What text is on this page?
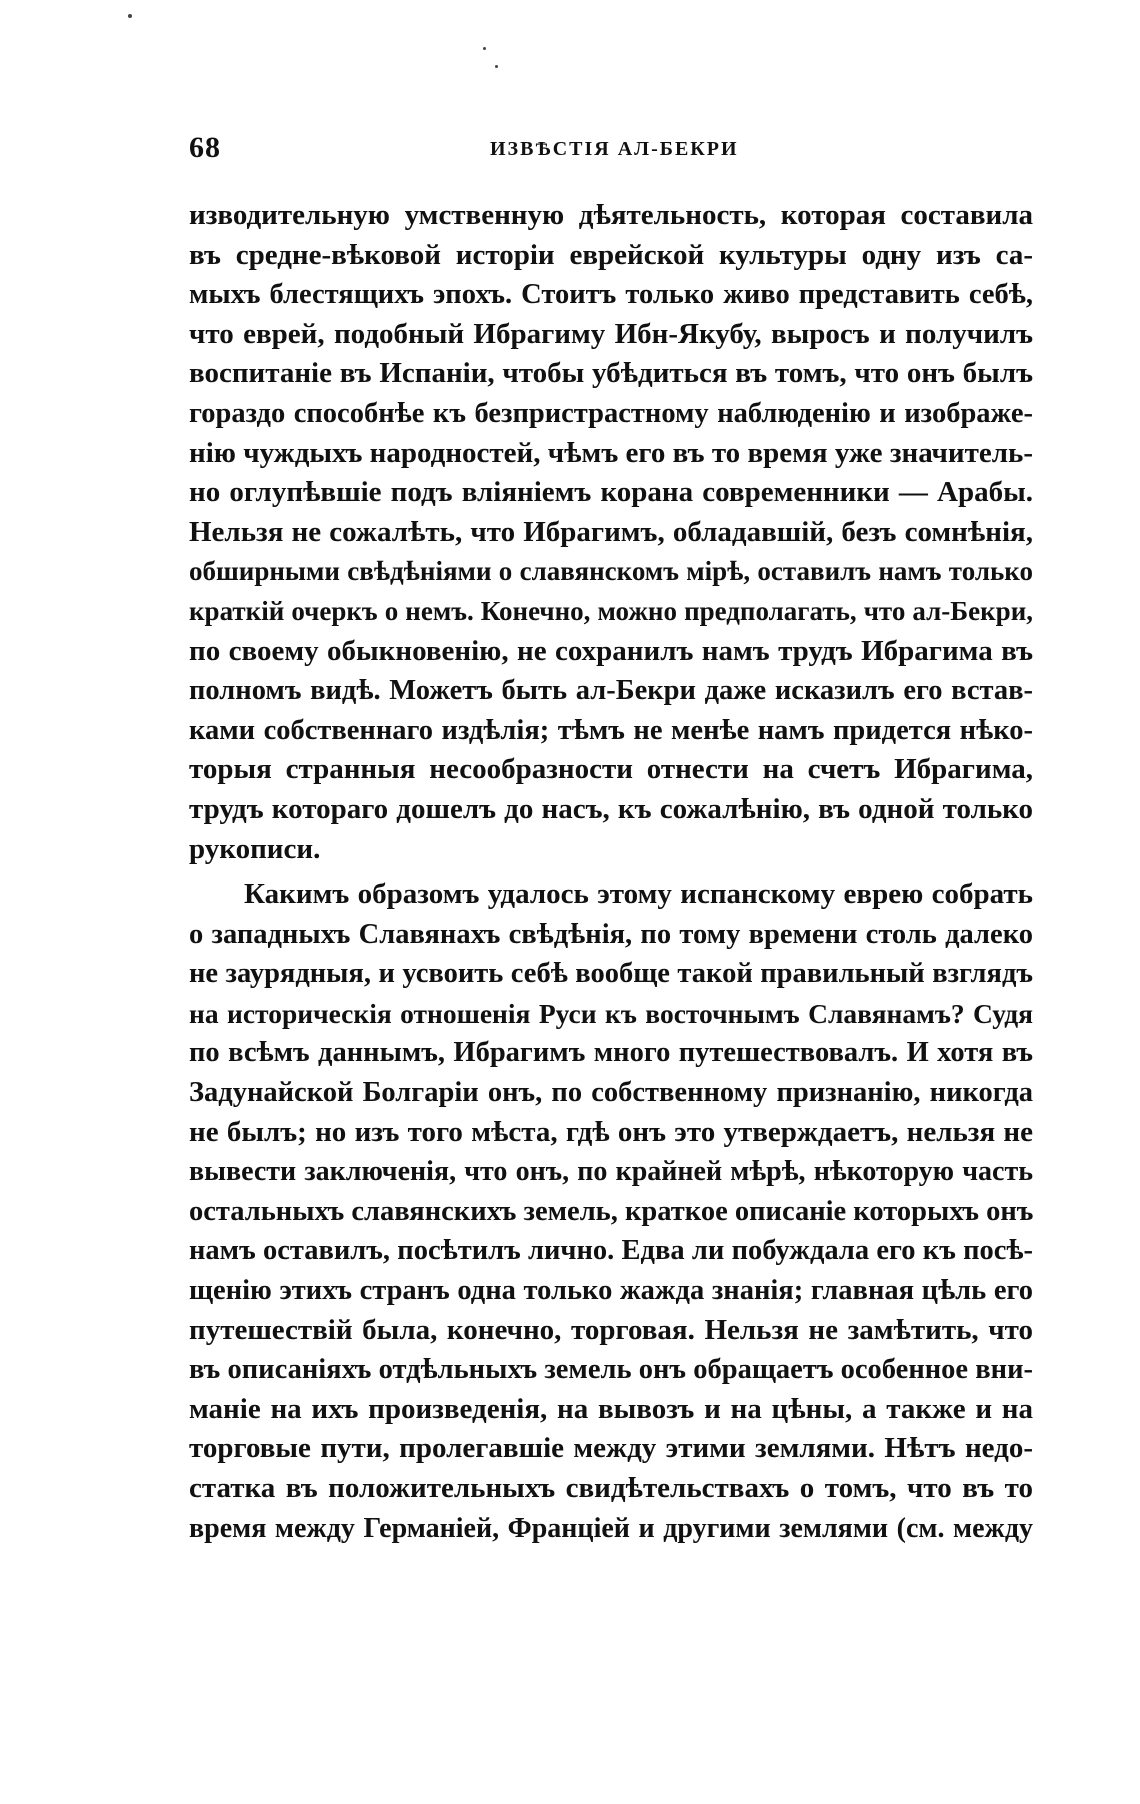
68	ИЗВѢСТІЯ АЛ-БЕКРИ
изводительную умственную дѣятельность, которая составила
въ средне-вѣковой исторіи еврейской культуры одну изъ са-
мыхъ блестящихъ эпохъ. Стоитъ только живо представить себѣ,
что еврей, подобный Ибрагиму Ибн-Якубу, выросъ и получилъ
воспитаніе въ Испаніи, чтобы убѣдиться въ томъ, что онъ былъ
гораздо способнѣе къ безпристрастному наблюденію и изображе-
нію чуждыхъ народностей, чѣмъ его въ то время уже значитель-
но оглупѣвшіе подъ вліяніемъ корана современники — Арабы.
Нельзя не сожалѣть, что Ибрагимъ, обладавшій, безъ сомнѣнія,
обширными свѣдѣніями о славянскомъ мірѣ, оставилъ намъ только
краткій очеркъ о немъ. Конечно, можно предполагать, что ал-Бекри,
по своему обыкновенію, не сохранилъ намъ трудъ Ибрагима въ
полномъ видѣ. Можетъ быть ал-Бекри даже исказилъ его встав-
ками собственнаго издѣлія; тѣмъ не менѣе намъ придется нѣко-
торыя странныя несообразности отнести на счетъ Ибрагима,
трудъ котораго дошелъ до насъ, къ сожалѣнію, въ одной только
рукописи.
Какимъ образомъ удалось этому испанскому еврею собрать
о западныхъ Славянахъ свѣдѣнія, по тому времени столь далеко
не заурядныя, и усвоить себѣ вообще такой правильный взглядъ
на историческія отношенія Руси къ восточнымъ Славянамъ? Судя
по всѣмъ даннымъ, Ибрагимъ много путешествовалъ. И хотя въ
Задунайской Болгаріи онъ, по собственному признанію, никогда
не былъ; но изъ того мѣста, гдѣ онъ это утверждаетъ, нельзя не
вывести заключенія, что онъ, по крайней мѣрѣ, нѣкоторую часть
остальныхъ славянскихъ земель, краткое описаніе которыхъ онъ
намъ оставилъ, посѣтилъ лично. Едва ли побуждала его къ посѣ-
щенію этихъ странъ одна только жажда знанія; главная цѣль его
путешествій была, конечно, торговая. Нельзя не замѣтить, что
въ описаніяхъ отдѣльныхъ земель онъ обращаетъ особенное вни-
маніе на ихъ произведенія, на вывозъ и на цѣны, а также и на
торговые пути, пролегавшіе между этими землями. Нѣтъ недо-
статка въ положительныхъ свидѣтельствахъ о томъ, что въ то
время между Германіей, Франціей и другими землями (см. между
